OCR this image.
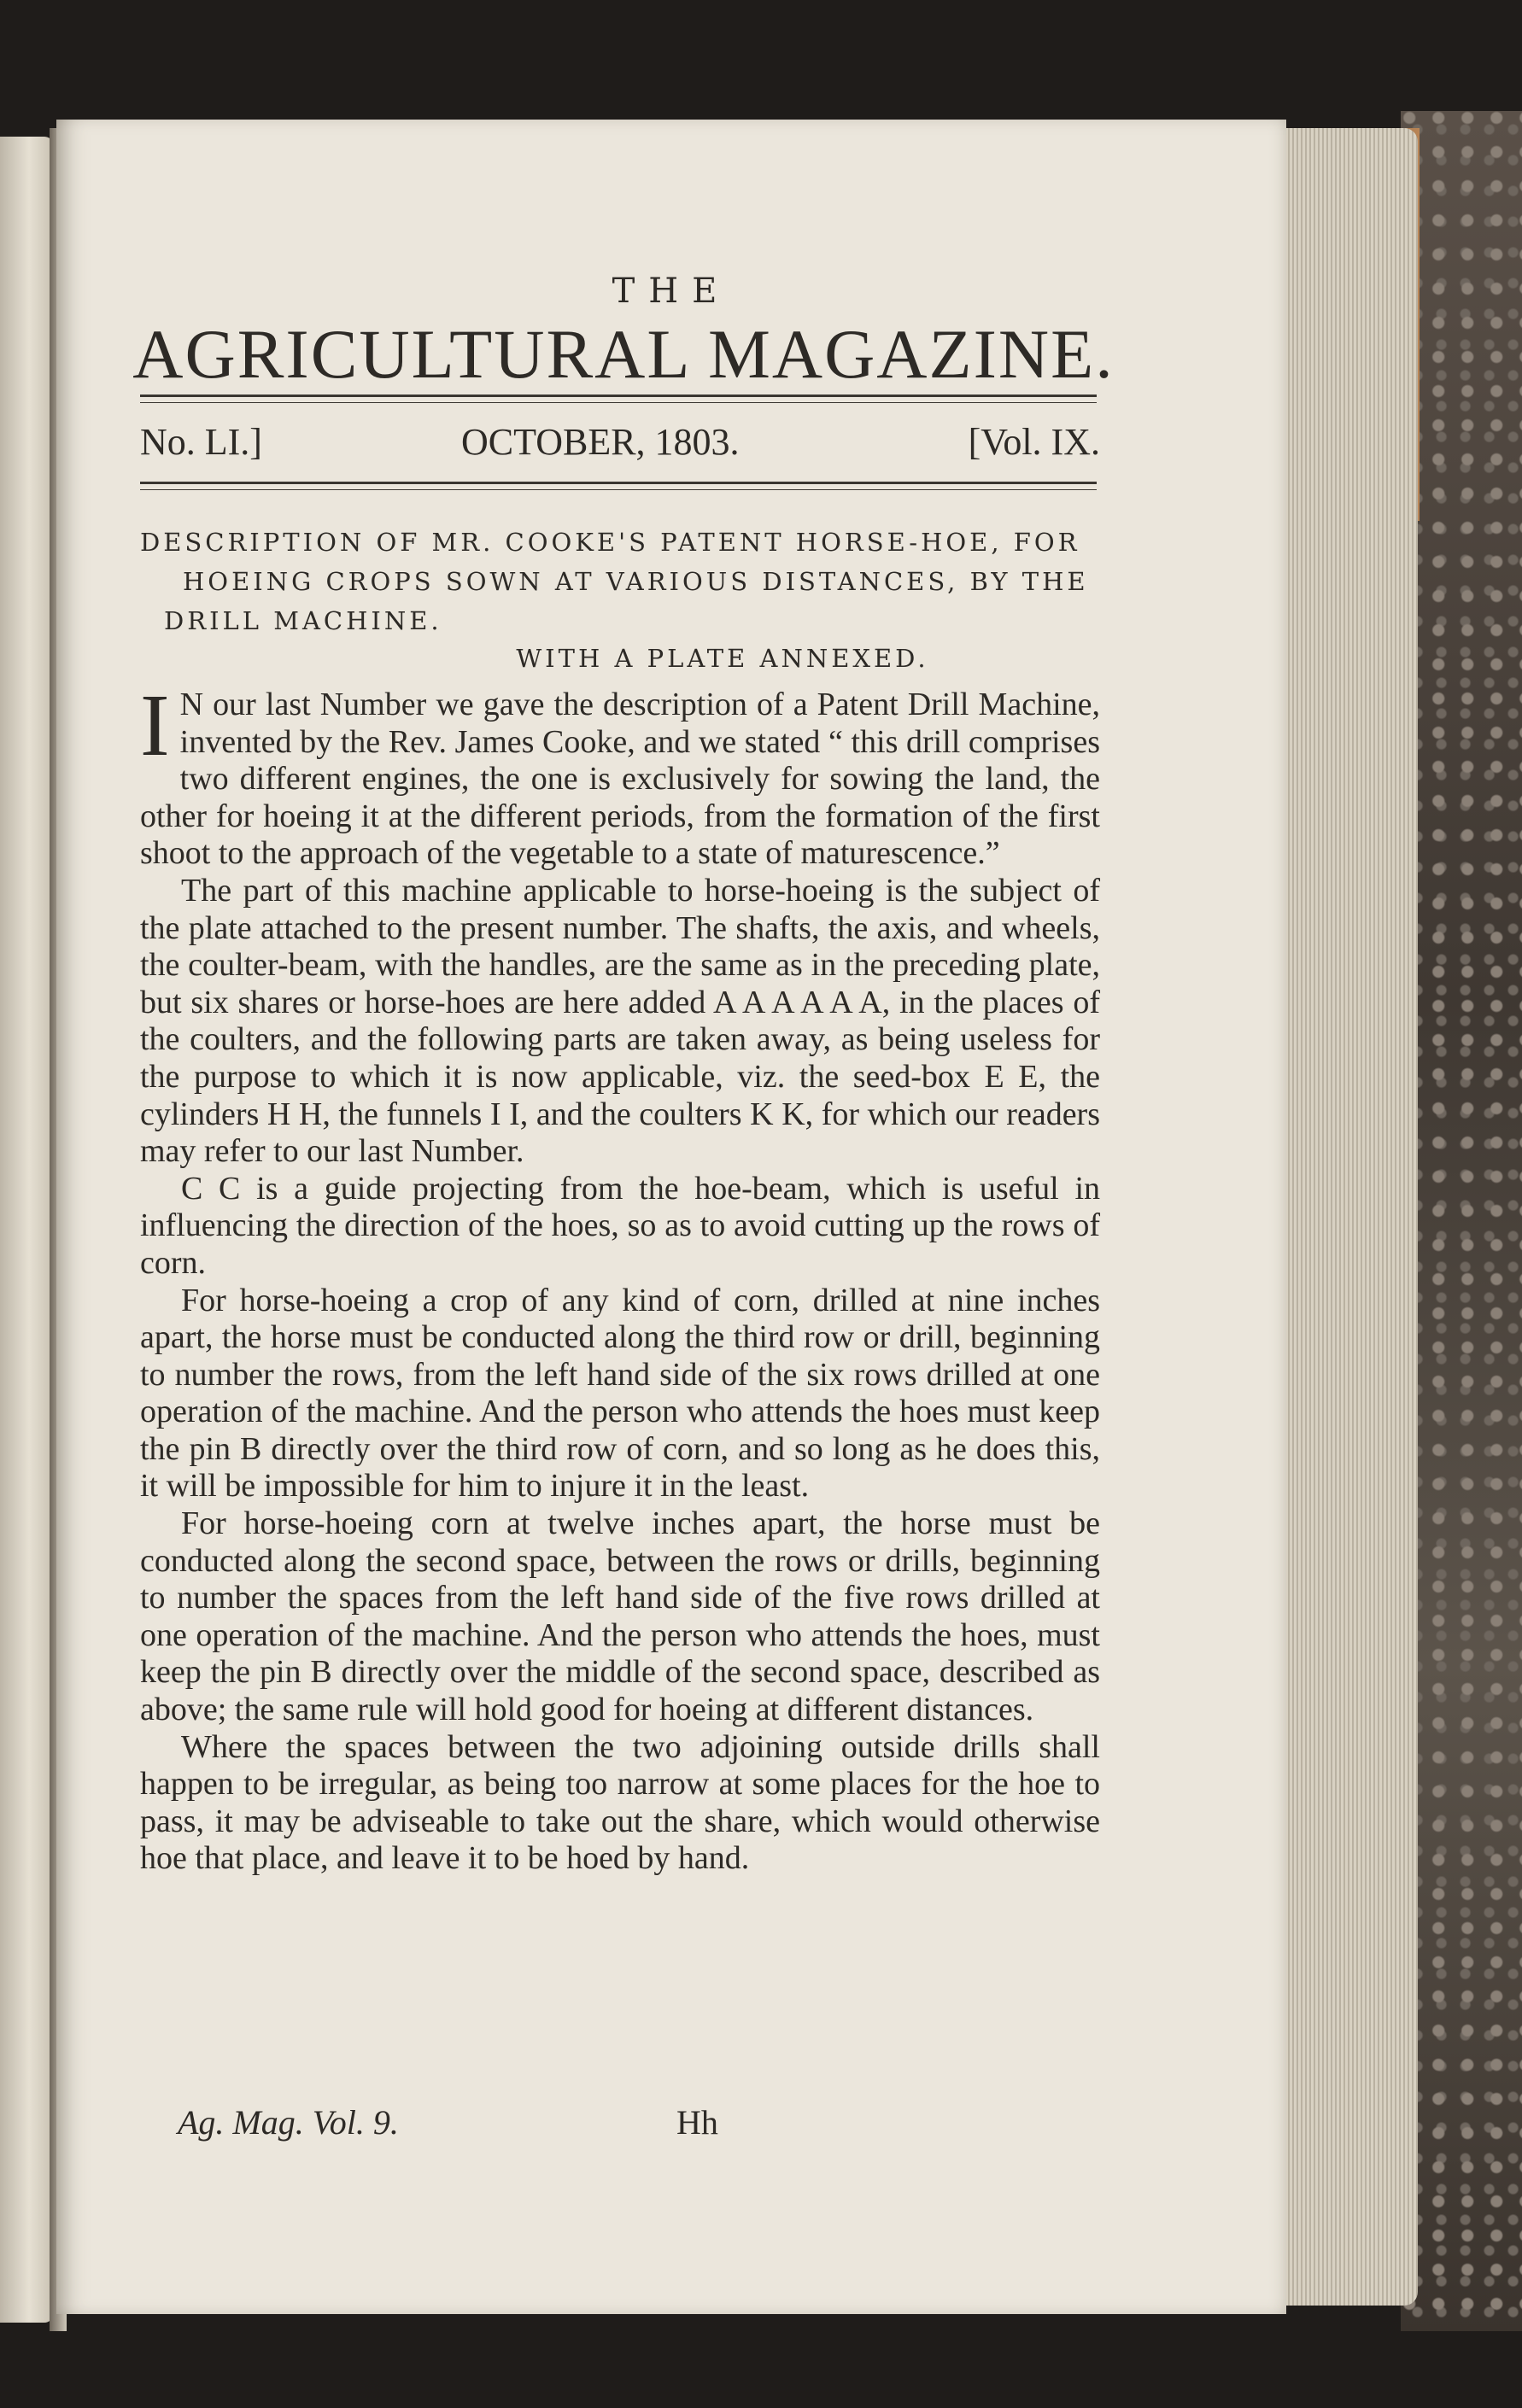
THE
AGRICULTURAL MAGAZINE.
No. LI.]	OCTOBER, 1803.	[Vol. IX.
DESCRIPTION OF MR. COOKE'S PATENT HORSE-HOE, FOR
HOEING CROPS SOWN AT VARIOUS DISTANCES, BY THE
DRILL MACHINE.
WITH A PLATE ANNEXED.

I N our last Number we gave the description of a Patent Drill Machine, invented by the Rev. James Cooke, and we stated “ this drill comprises two different engines, the one is exclusively for sowing the land, the other for hoeing it at the different periods, from the formation of the first shoot to the approach of the vegetable to a state of maturescence.”

The part of this machine applicable to horse-hoeing is the subject of the plate attached to the present number. The shafts, the axis, and wheels, the coulter-beam, with the handles, are the same as in the preceding plate, but six shares or horse-hoes are here added A A A A A A, in the places of the coulters, and the following parts are taken away, as being useless for the purpose to which it is now applicable, viz. the seed-box E E, the cylinders H H, the funnels I I, and the coulters K K, for which our readers may refer to our last Number.

C C is a guide projecting from the hoe-beam, which is useful in influencing the direction of the hoes, so as to avoid cutting up the rows of corn.

For horse-hoeing a crop of any kind of corn, drilled at nine inches apart, the horse must be conducted along the third row or drill, beginning to number the rows, from the left hand side of the six rows drilled at one operation of the machine. And the person who attends the hoes must keep the pin B directly over the third row of corn, and so long as he does this, it will be impossible for him to injure it in the least.

For horse-hoeing corn at twelve inches apart, the horse must be conducted along the second space, between the rows or drills, beginning to number the spaces from the left hand side of the five rows drilled at one operation of the machine. And the person who attends the hoes, must keep the pin B directly over the middle of the second space, described as above; the same rule will hold good for hoeing at different distances.

Where the spaces between the two adjoining outside drills shall happen to be irregular, as being too narrow at some places for the hoe to pass, it may be adviseable to take out the share, which would otherwise hoe that place, and leave it to be hoed by hand.

Ag. Mag. Vol. 9.	Hh
